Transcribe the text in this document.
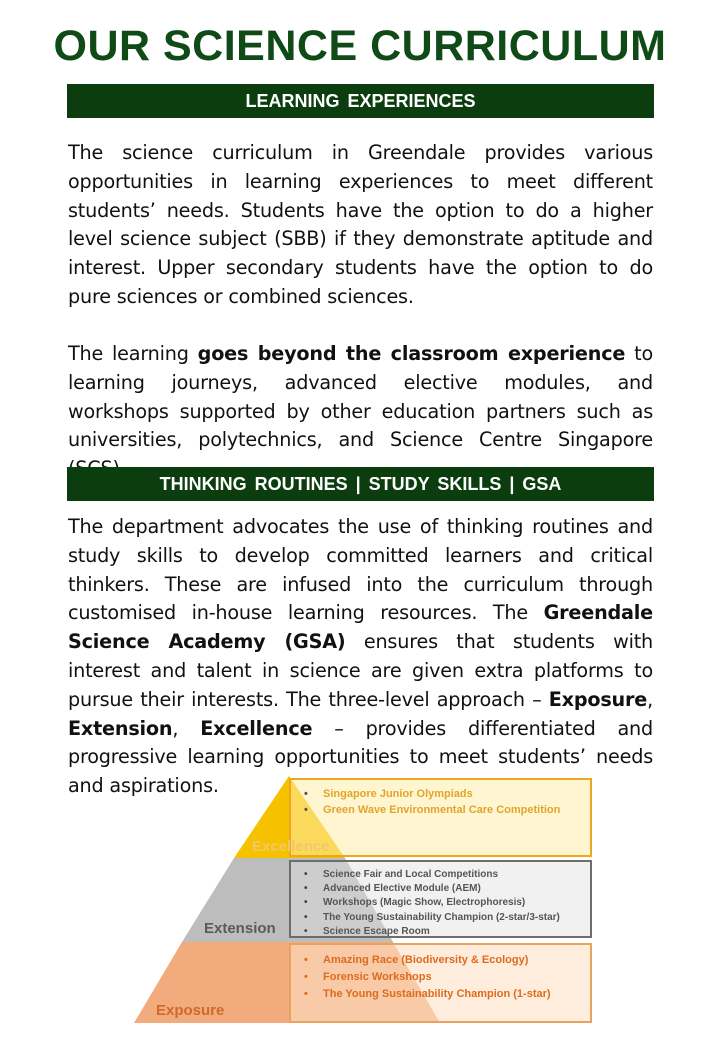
OUR SCIENCE CURRICULUM
LEARNING EXPERIENCES
The science curriculum in Greendale provides various opportunities in learning experiences to meet different students’ needs. Students have the option to do a higher level science subject (SBB) if they demonstrate aptitude and interest. Upper secondary students have the option to do pure sciences or combined sciences.
The learning goes beyond the classroom experience to learning journeys, advanced elective modules, and workshops supported by other education partners such as universities, polytechnics, and Science Centre Singapore
THINKING ROUTINES | STUDY SKILLS | GSA
The department advocates the use of thinking routines and study skills to develop committed learners and critical thinkers. These are infused into the curriculum through customised in-house learning resources. The Greendale Science Academy (GSA) ensures that students with interest and talent in science are given extra platforms to pursue their interests. The three-level approach – Exposure, Extension, Excellence – provides differentiated and progressive learning opportunities to meet students’ needs and aspirations.
•	Singapore Junior Olympiads
• Green Wave Environmental Care Competition
• Science Fair and Local Competitions
• Advanced Elective Module (AEM)
• Workshops (Magic Show, Electrophoresis)
• The Young Sustainability Champion (2-star/3-star)
• Science Escape Room
• Amazing Race (Biodiversity & Ecology)
• Forensic Workshops
• The Young Sustainability Champion (1-star)
Excellence
Extension
Exposure
